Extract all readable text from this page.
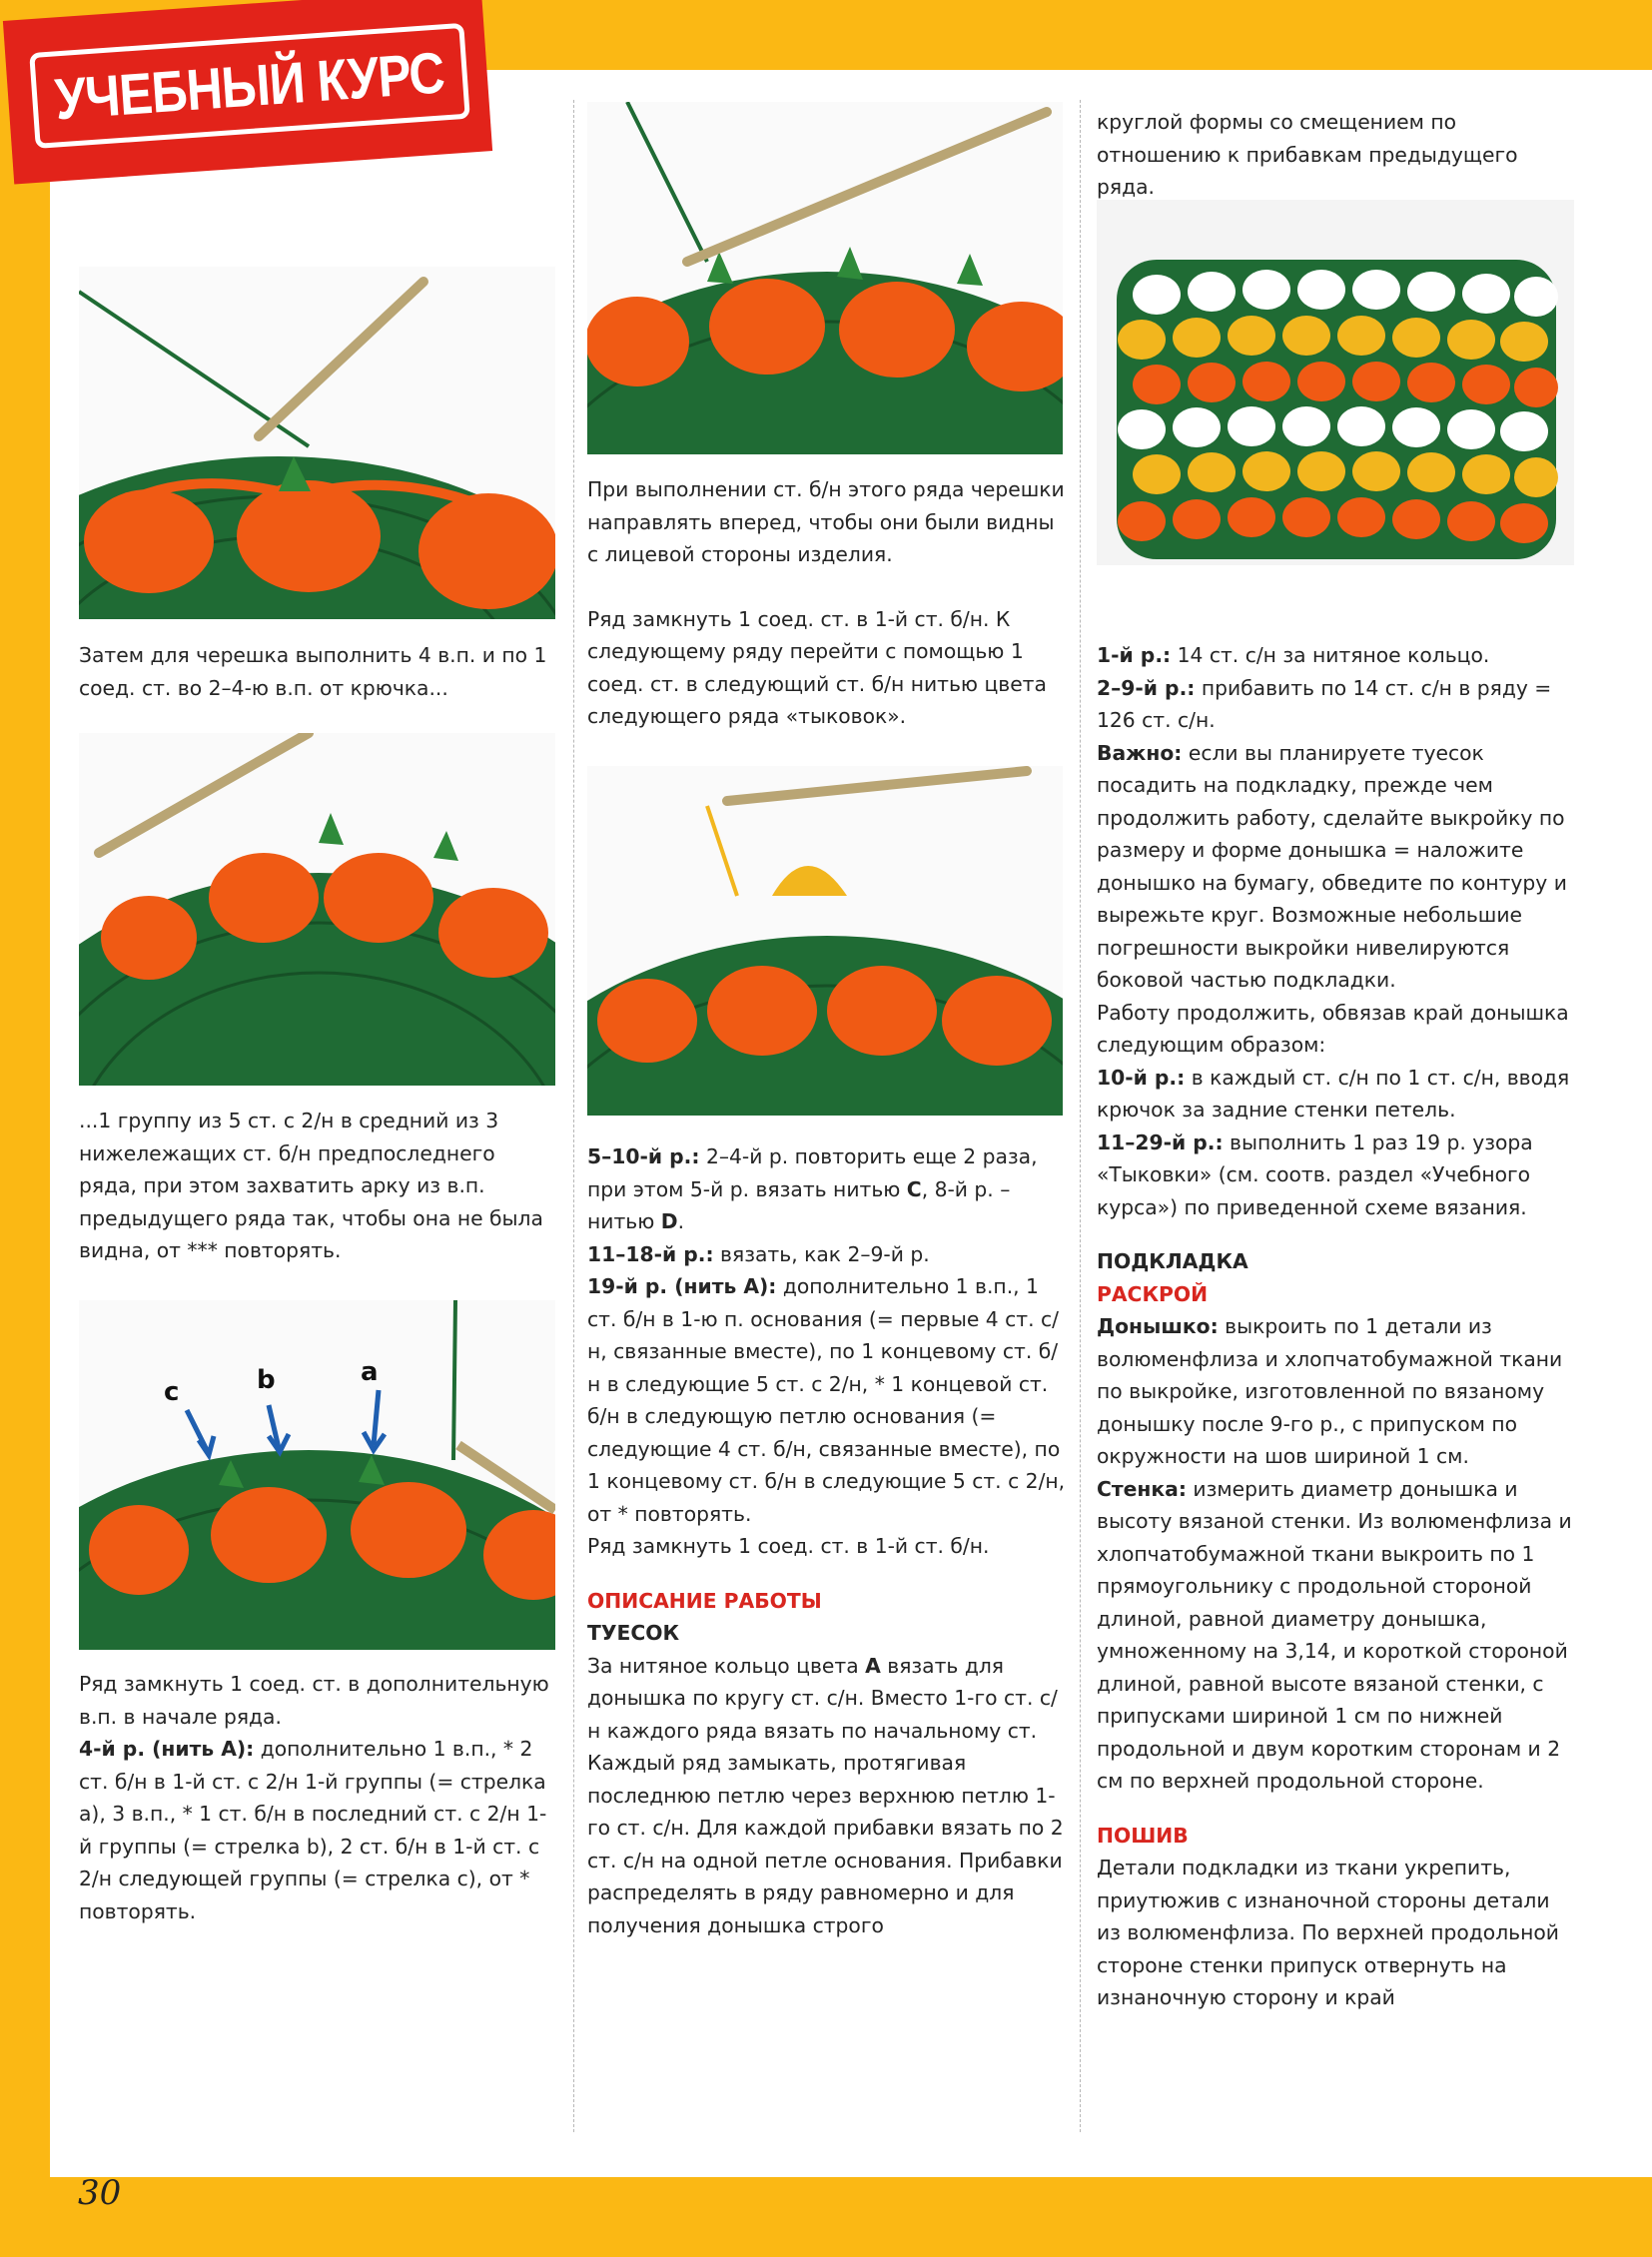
УЧЕБНЫЙ КУРС
c	b	a

Затем для черешка выполнить 4 в.п. и по 1 соед. ст. во 2–4-ю в.п. от крючка...

...1 группу из 5 ст. с 2/н в средний из 3 нижележащих ст. б/н предпоследнего ряда, при этом захватить арку из в.п. предыдущего ряда так, чтобы она не была видна, от *** повторять.

Ряд замкнуть 1 соед. ст. в дополнительную в.п. в начале ряда.

4-й р. (нить A): дополнительно 1 в.п., * 2 ст. б/н в 1-й ст. с 2/н 1-й группы (= стрелка a), 3 в.п., * 1 ст. б/н в последний ст. с 2/н 1-й группы (= стрелка b), 2 ст. б/н в 1-й ст. с 2/н следующей группы (= стрелка c), от * повторять.

При выполнении ст. б/н этого ряда черешки направлять вперед, чтобы они были видны с лицевой стороны изделия.

Ряд замкнуть 1 соед. ст. в 1-й ст. б/н. К следующему ряду перейти с помощью 1 соед. ст. в следующий ст. б/н нитью цвета следующего ряда «тыковок».

5–10-й р.: 2–4-й р. повторить еще 2 раза, при этом 5-й р. вязать нитью C, 8-й р. – нитью D.

11–18-й р.: вязать, как 2–9-й р.

19-й р. (нить A): дополнительно 1 в.п., 1 ст. б/н в 1-ю п. основания (= первые 4 ст. с/н, связанные вместе), по 1 концевому ст. б/н в следующие 5 ст. с 2/н, * 1 концевой ст. б/н в следующую петлю основания (= следующие 4 ст. б/н, связанные вместе), по 1 концевому ст. б/н в следующие 5 ст. с 2/н, от * повторять.

Ряд замкнуть 1 соед. ст. в 1-й ст. б/н.

ОПИСАНИЕ РАБОТЫ

ТУЕСОК

За нитяное кольцо цвета A вязать для донышка по кругу ст. с/н. Вместо 1-го ст. с/н каждого ряда вязать по начальному ст. Каждый ряд замыкать, протягивая последнюю петлю через верхнюю петлю 1-го ст. с/н. Для каждой прибавки вязать по 2 ст. с/н на одной петле основания. Прибавки распределять в ряду равномерно и для получения донышка строго

круглой формы со смещением по отношению к прибавкам предыдущего ряда.

1-й р.: 14 ст. с/н за нитяное кольцо.

2–9-й р.: прибавить по 14 ст. с/н в ряду = 126 ст. с/н.

Важно: если вы планируете туесок посадить на подкладку, прежде чем продолжить работу, сделайте выкройку по размеру и форме донышка = наложите донышко на бумагу, обведите по контуру и вырежьте круг. Возможные небольшие погрешности выкройки нивелируются боковой частью подкладки.

Работу продолжить, обвязав край донышка следующим образом:

10-й р.: в каждый ст. с/н по 1 ст. с/н, вводя крючок за задние стенки петель.

11–29-й р.: выполнить 1 раз 19 р. узора «Тыковки» (см. соотв. раздел «Учебного курса») по приведенной схеме вязания.

ПОДКЛАДКА

РАСКРОЙ

Донышко: выкроить по 1 детали из волюменфлиза и хлопчатобумажной ткани по выкройке, изготовленной по вязаному донышку после 9-го р., с припуском по окружности на шов шириной 1 см.

Стенка: измерить диаметр донышка и высоту вязаной стенки. Из волюменфлиза и хлопчатобумажной ткани выкроить по 1 прямоугольнику с продольной стороной длиной, равной диаметру донышка, умноженному на 3,14, и короткой стороной длиной, равной высоте вязаной стенки, с припусками шириной 1 см по нижней продольной и двум коротким сторонам и 2 см по верхней продольной стороне.

ПОШИВ

Детали подкладки из ткани укрепить, приутюжив с изнаночной стороны детали из волюменфлиза. По верхней продольной стороне стенки припуск отвернуть на изнаночную сторону и край

30
